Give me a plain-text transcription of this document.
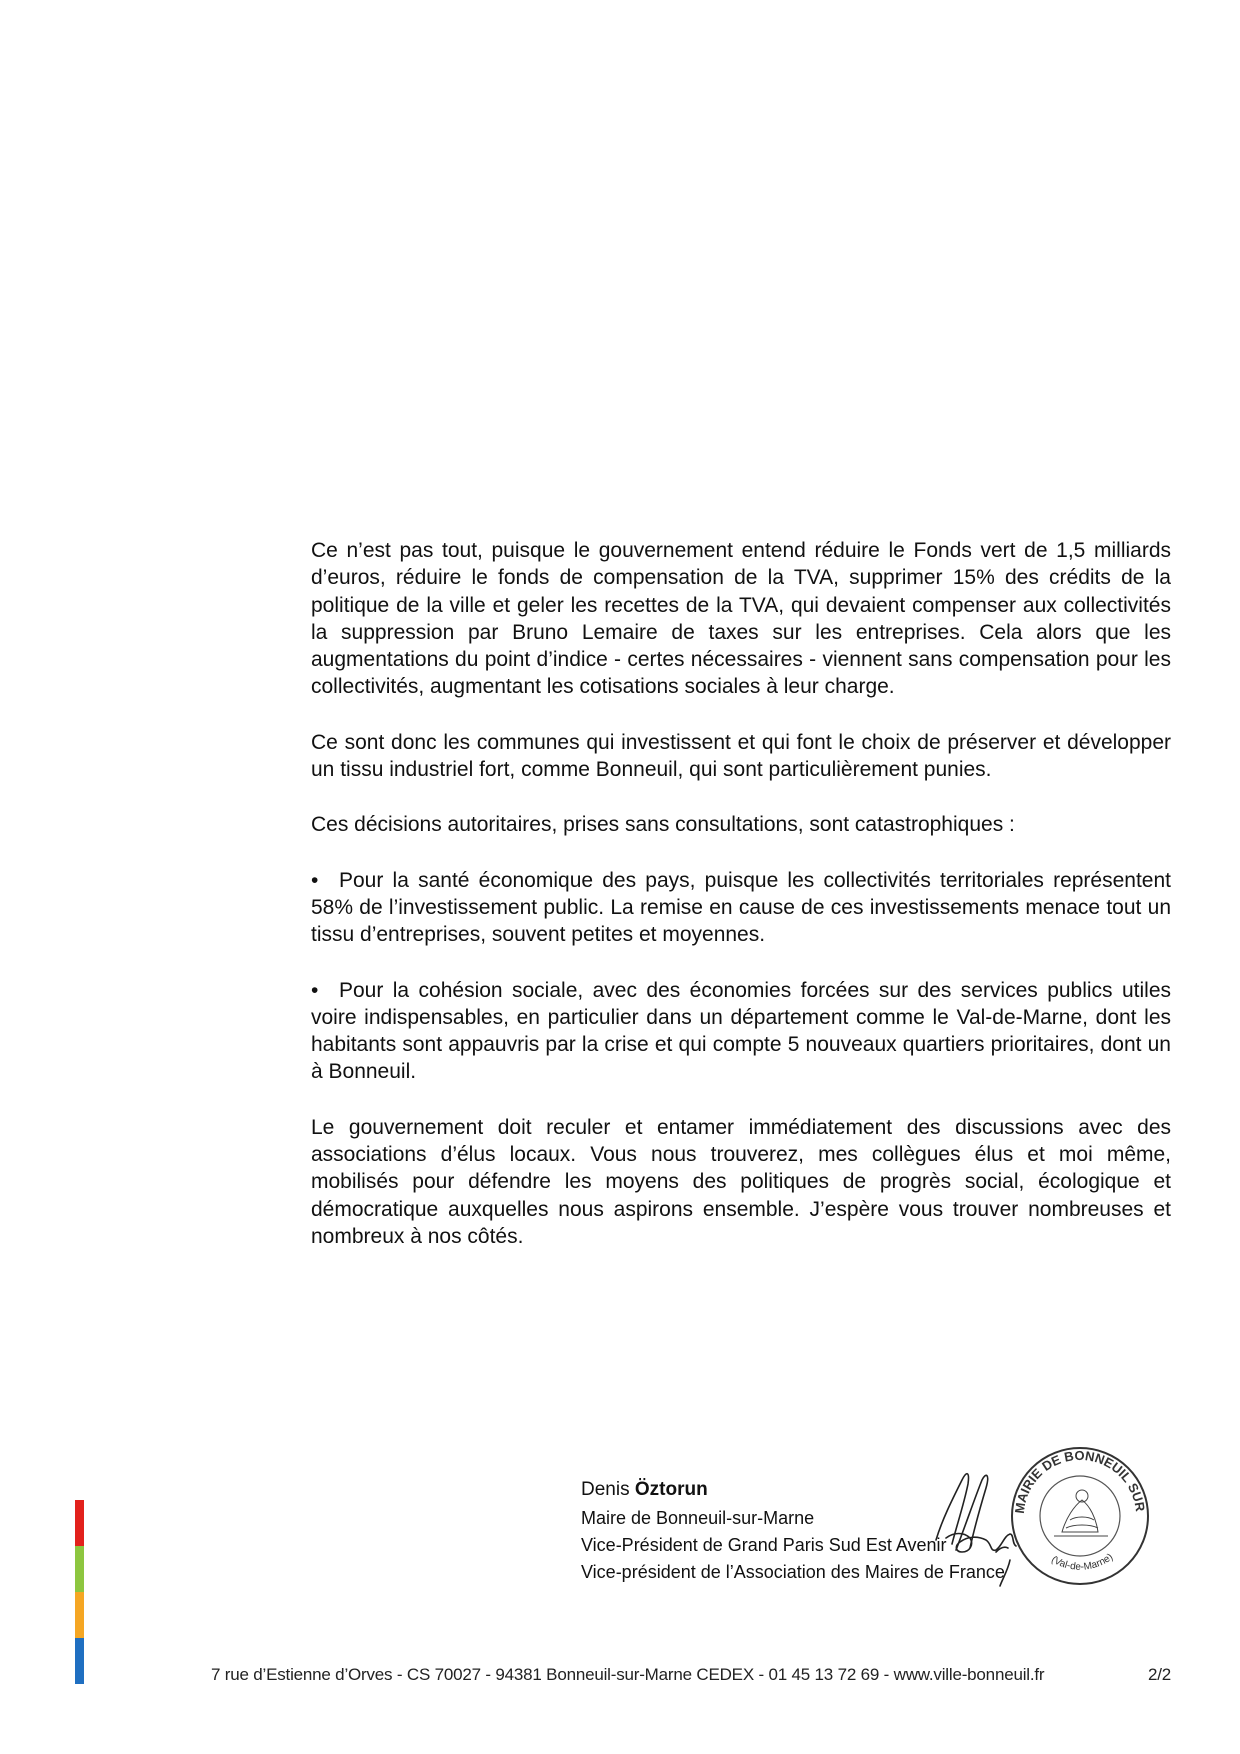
Ce n’est pas tout, puisque le gouvernement entend réduire le Fonds vert de 1,5 milliards d’euros, réduire le fonds de compensation de la TVA, supprimer 15% des crédits de la politique de la ville et geler les recettes de la TVA, qui devaient compenser aux collectivités la suppression par Bruno Lemaire de taxes sur les entreprises. Cela alors que les augmentations du point d’indice - certes nécessaires - viennent sans compensation pour les collectivités, augmentant les cotisations sociales à leur charge.

Ce sont donc les communes qui investissent et qui font le choix de préserver et développer un tissu industriel fort, comme Bonneuil, qui sont particulièrement punies.

Ces décisions autoritaires, prises sans consultations, sont catastrophiques :

• Pour la santé économique des pays, puisque les collectivités territoriales représentent 58% de l’investissement public. La remise en cause de ces investissements menace tout un tissu d’entreprises, souvent petites et moyennes.

• Pour la cohésion sociale, avec des économies forcées sur des services publics utiles voire indispensables, en particulier dans un département comme le Val-de-Marne, dont les habitants sont appauvris par la crise et qui compte 5 nouveaux quartiers prioritaires, dont un à Bonneuil.

Le gouvernement doit reculer et entamer immédiatement des discussions avec des associations d’élus locaux. Vous nous trouverez, mes collègues élus et moi même, mobilisés pour défendre les moyens des politiques de progrès social, écologique et démocratique auxquelles nous aspirons ensemble. J’espère vous trouver nombreuses et nombreux à nos côtés.

Denis Öztorun
Maire de Bonneuil-sur-Marne
Vice-Président de Grand Paris Sud Est Avenir
Vice-président de l’Association des Maires de France
MAIRIE DE BONNEUIL SUR
(Val-de-Marne)
7 rue d’Estienne d’Orves - CS 70027 - 94381 Bonneuil-sur-Marne CEDEX - 01 45 13 72 69 - www.ville-bonneuil.fr	2/2
